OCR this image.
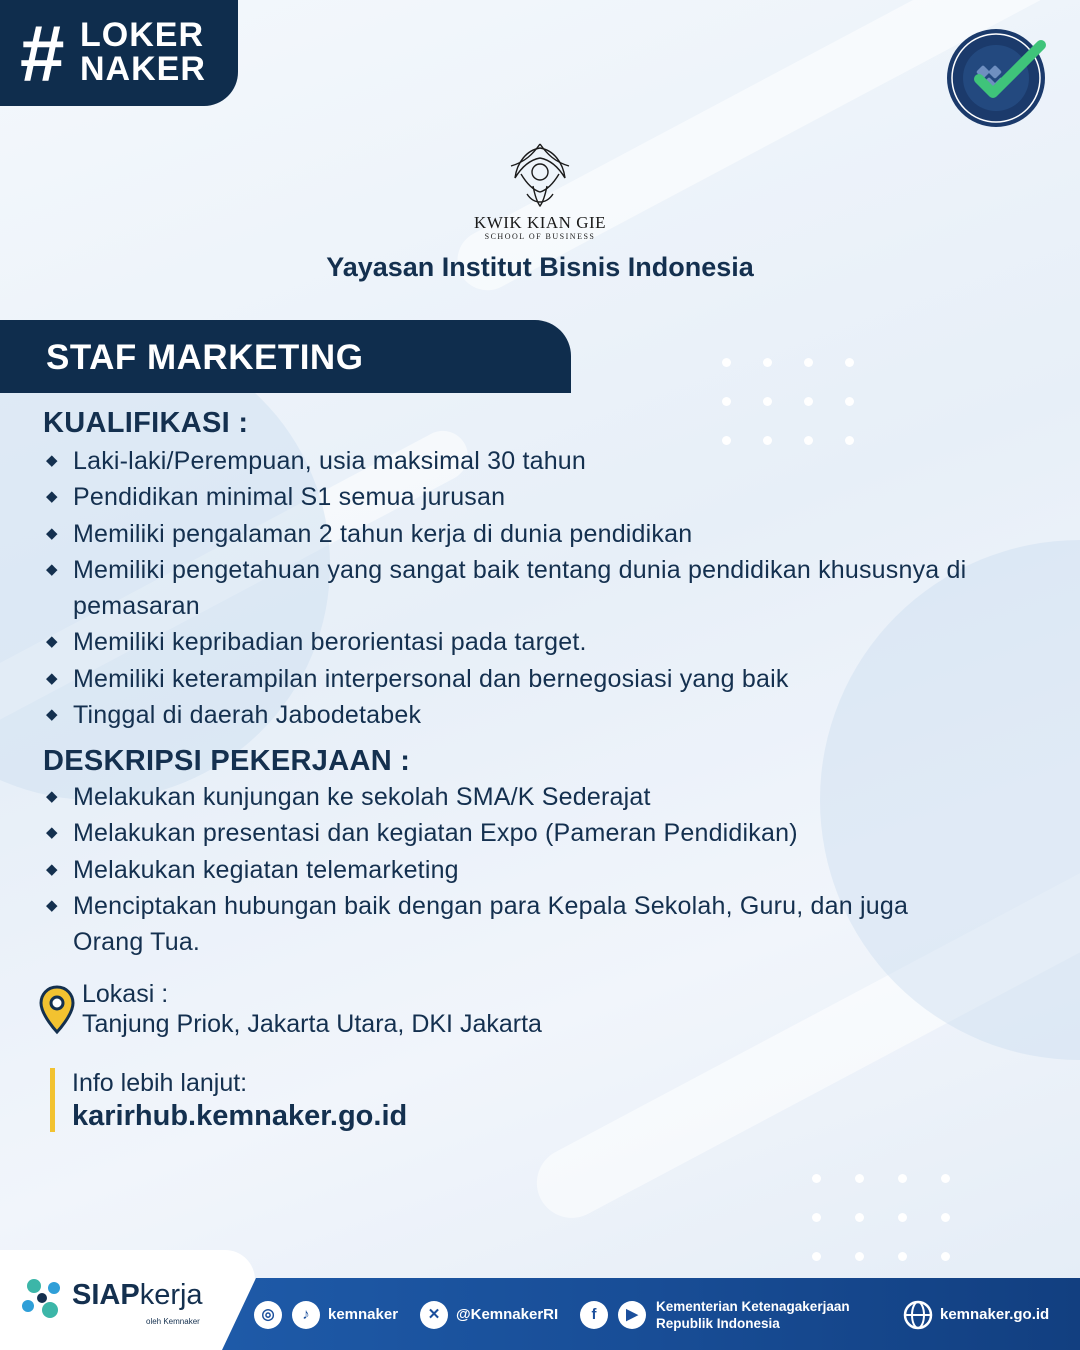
# LOKER
NAKER
KWIK KIAN GIE
SCHOOL OF BUSINESS
Yayasan Institut Bisnis Indonesia
STAF MARKETING
KUALIFIKASI :
◆ Laki-laki/Perempuan, usia maksimal 30 tahun
◆ Pendidikan minimal S1 semua jurusan
◆ Memiliki pengalaman 2 tahun kerja di dunia pendidikan
◆ Memiliki pengetahuan yang sangat baik tentang dunia pendidikan khususnya di pemasaran
◆ Memiliki kepribadian berorientasi pada target.
◆ Memiliki keterampilan interpersonal dan bernegosiasi yang baik
◆ Tinggal di daerah Jabodetabek
DESKRIPSI PEKERJAAN :
◆ Melakukan kunjungan ke sekolah SMA/K Sederajat
◆ Melakukan presentasi dan kegiatan Expo (Pameran Pendidikan)
◆ Melakukan kegiatan telemarketing
◆ Menciptakan hubungan baik dengan para Kepala Sekolah, Guru, dan juga Orang Tua.
Lokasi :
Tanjung Priok, Jakarta Utara, DKI Jakarta
Info lebih lanjut:
karirhub.kemnaker.go.id
SIAPkerja
oleh Kemnaker	◎	♪	kemnaker	✕	@KemnakerRI	f	▶	Kementerian Ketenagakerjaan
Republik Indonesia
kemnaker.go.id
